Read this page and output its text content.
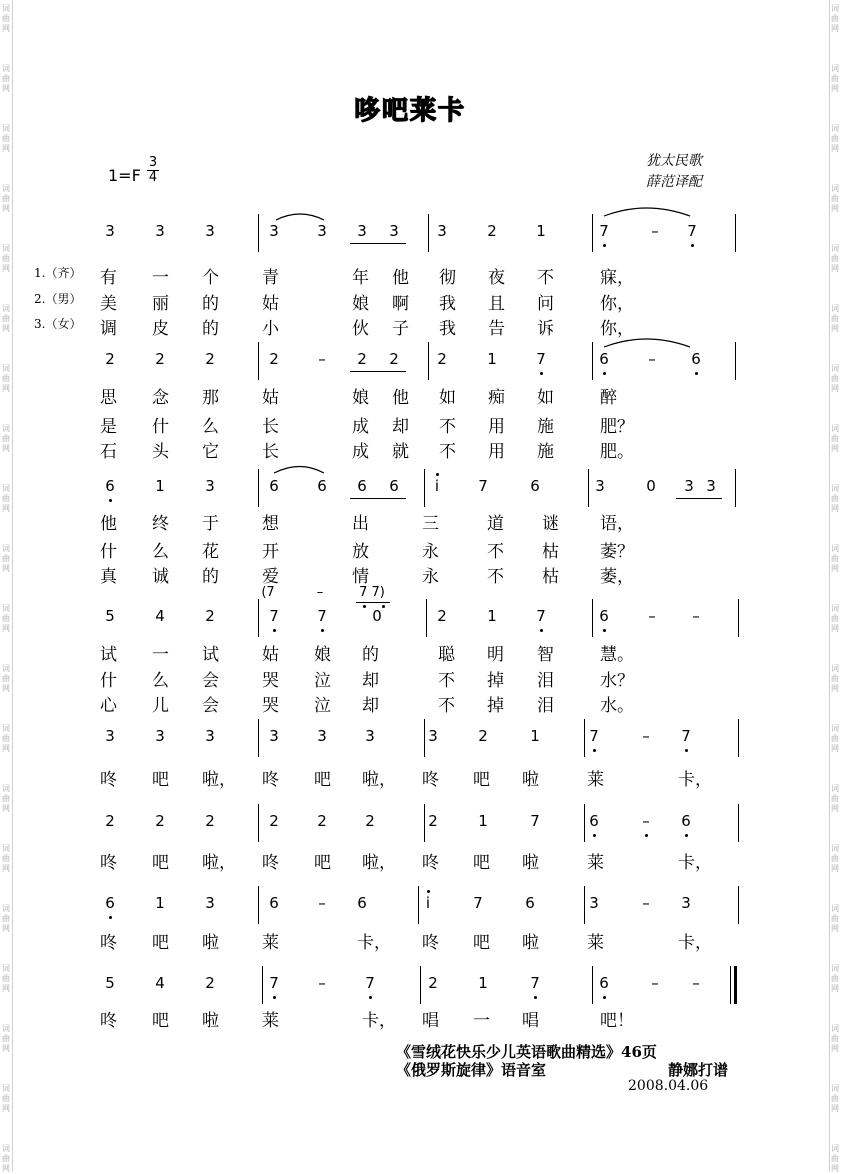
词
曲
网
词
曲
网
词
曲
网
词
曲
网
词
曲
网
词
曲
网
词
曲
网
词
曲
网
词
曲
网
词
曲
网
词
曲
网
词
曲
网
词
曲
网
词
曲
网
词
曲
网
词
曲
网
词
曲
网
词
曲
网
词
曲
网
词
曲
网
词
曲
网
词
曲
网
词
曲
网
词
曲
网
词
曲
网
词
曲
网
词
曲
网
词
曲
网
词
曲
网
词
曲
网
词
曲
网
词
曲
网
词
曲
网
词
曲
网
词
曲
网
词
曲
网
词
曲
网
词
曲
网
词
曲
网
词
曲
网
哆吧莱卡
$1=F \frac{3}{4}$	犹太民歌
薛范译配
1.（齐）
2.（男）
3.（女）
3	3	3	3	3	3	3	3	2	1	7	–	7
有	一	个	青	年	他	彻	夜	不	寐，
美	丽	的	姑	娘	啊	我	且	问	你，
调	皮	的	小	伙	子	我	告	诉	你，
2	2	2	2	–	2	2	2	1	7	6	–	6
思	念	那	姑	娘	他	如	痴	如	醉
是	什	么	长	成	却	不	用	施	肥？
石	头	它	长	成	就	不	用	施	肥。
6	1	3	6	6	6	6	i	7	6	3	0	3 3
他	终	于	想	出	三	道	谜	语，
什	么	花	开	放	永	不	枯	萎？
真	诚	的	爱	情	永	不	枯	萎，
5	4	2	7	7	0	2	1	7	6	–	–
试	一	试	姑	娘	的	聪	明	智	慧。
什	么	会	哭	泣	却	不	掉	泪	水？
心	儿	会	哭	泣	却	不	掉	泪	水。
3	3	3	3	3	3	3	2	1	7	–	7
咚	吧	啦，	咚	吧	啦，	咚	吧	啦	莱	卡，
2	2	2	2	2	2	2	1	7	6	–	6
咚	吧	啦，	咚	吧	啦，	咚	吧	啦	莱	卡，
6	1	3	6	–	6	i	7	6	3	–	3
咚	吧	啦	莱	卡，	咚	吧	啦	莱	卡，
5	4	2	7	–	7	2	1	7	6	–	–
咚	吧	啦	莱	卡，	唱	一	唱	吧！
(7	–	7 7)
《雪绒花快乐少儿英语歌曲精选》46页
《俄罗斯旋律》语音室	静娜打谱
2008.04.06
